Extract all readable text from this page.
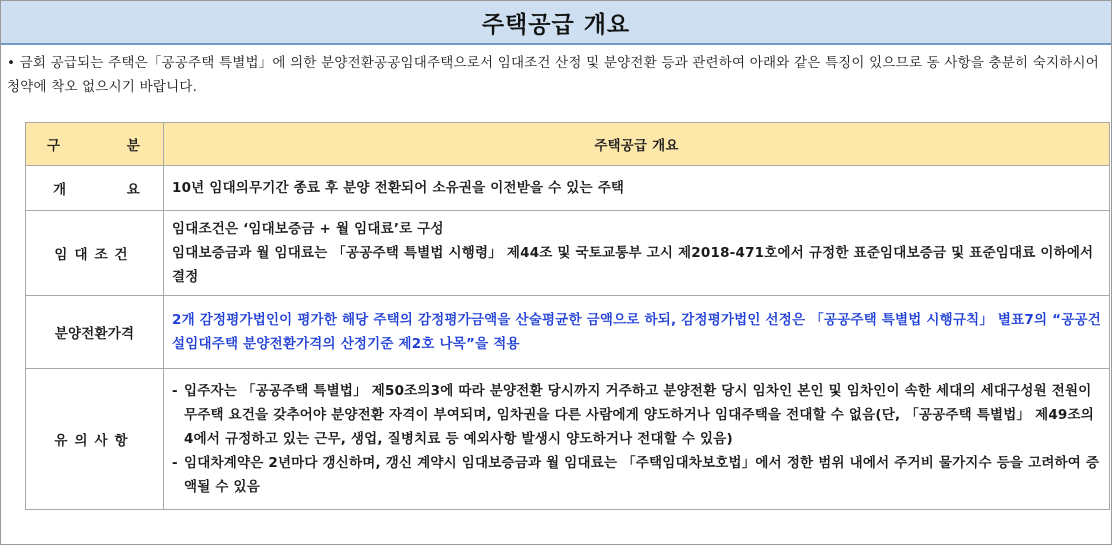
주택공급 개요
• 금회 공급되는 주택은「공공주택 특별법」에 의한 분양전환공공임대주택으로서 임대조건 산정 및 분양전환 등과 관련하여 아래와 같은 특징이 있으므로 동 사항을 충분히 숙지하시어 청약에 착오 없으시기 바랍니다.
구 분	주택공급 개요

개 요	10년 임대의무기간 종료 후 분양 전환되어 소유권을 이전받을 수 있는 주택
임대조건	임대조건은 ‘임대보증금 + 월 임대료’로 구성
임대보증금과 월 임대료는 「공공주택 특별법 시행령」 제44조 및 국토교통부 고시 제2018-471호에서 규정한 표준임대보증금 및 표준임대료 이하에서 결정

분양전환가격	2개 감정평가법인이 평가한 해당 주택의 감정평가금액을 산술평균한 금액으로 하되, 감정평가법인 선정은 「공공주택 특별법 시행규칙」 별표7의 “공공건설임대주택 분양전환가격의 산정기준 제2호 나목”을 적용
유의사항	- 입주자는 「공공주택 특별법」 제50조의3에 따라 분양전환 당시까지 거주하고 분양전환 당시 임차인 본인 및 임차인이 속한 세대의 세대구성원 전원이 무주택 요건을 갖추어야 분양전환 자격이 부여되며, 임차권을 다른 사람에게 양도하거나 임대주택을 전대할 수 없음(단, 「공공주택 특별법」 제49조의4에서 규정하고 있는 근무, 생업, 질병치료 등 예외사항 발생시 양도하거나 전대할 수 있음)
- 임대차계약은 2년마다 갱신하며, 갱신 계약시 임대보증금과 월 임대료는 「주택임대차보호법」에서 정한 범위 내에서 주거비 물가지수 등을 고려하여 증액될 수 있음
